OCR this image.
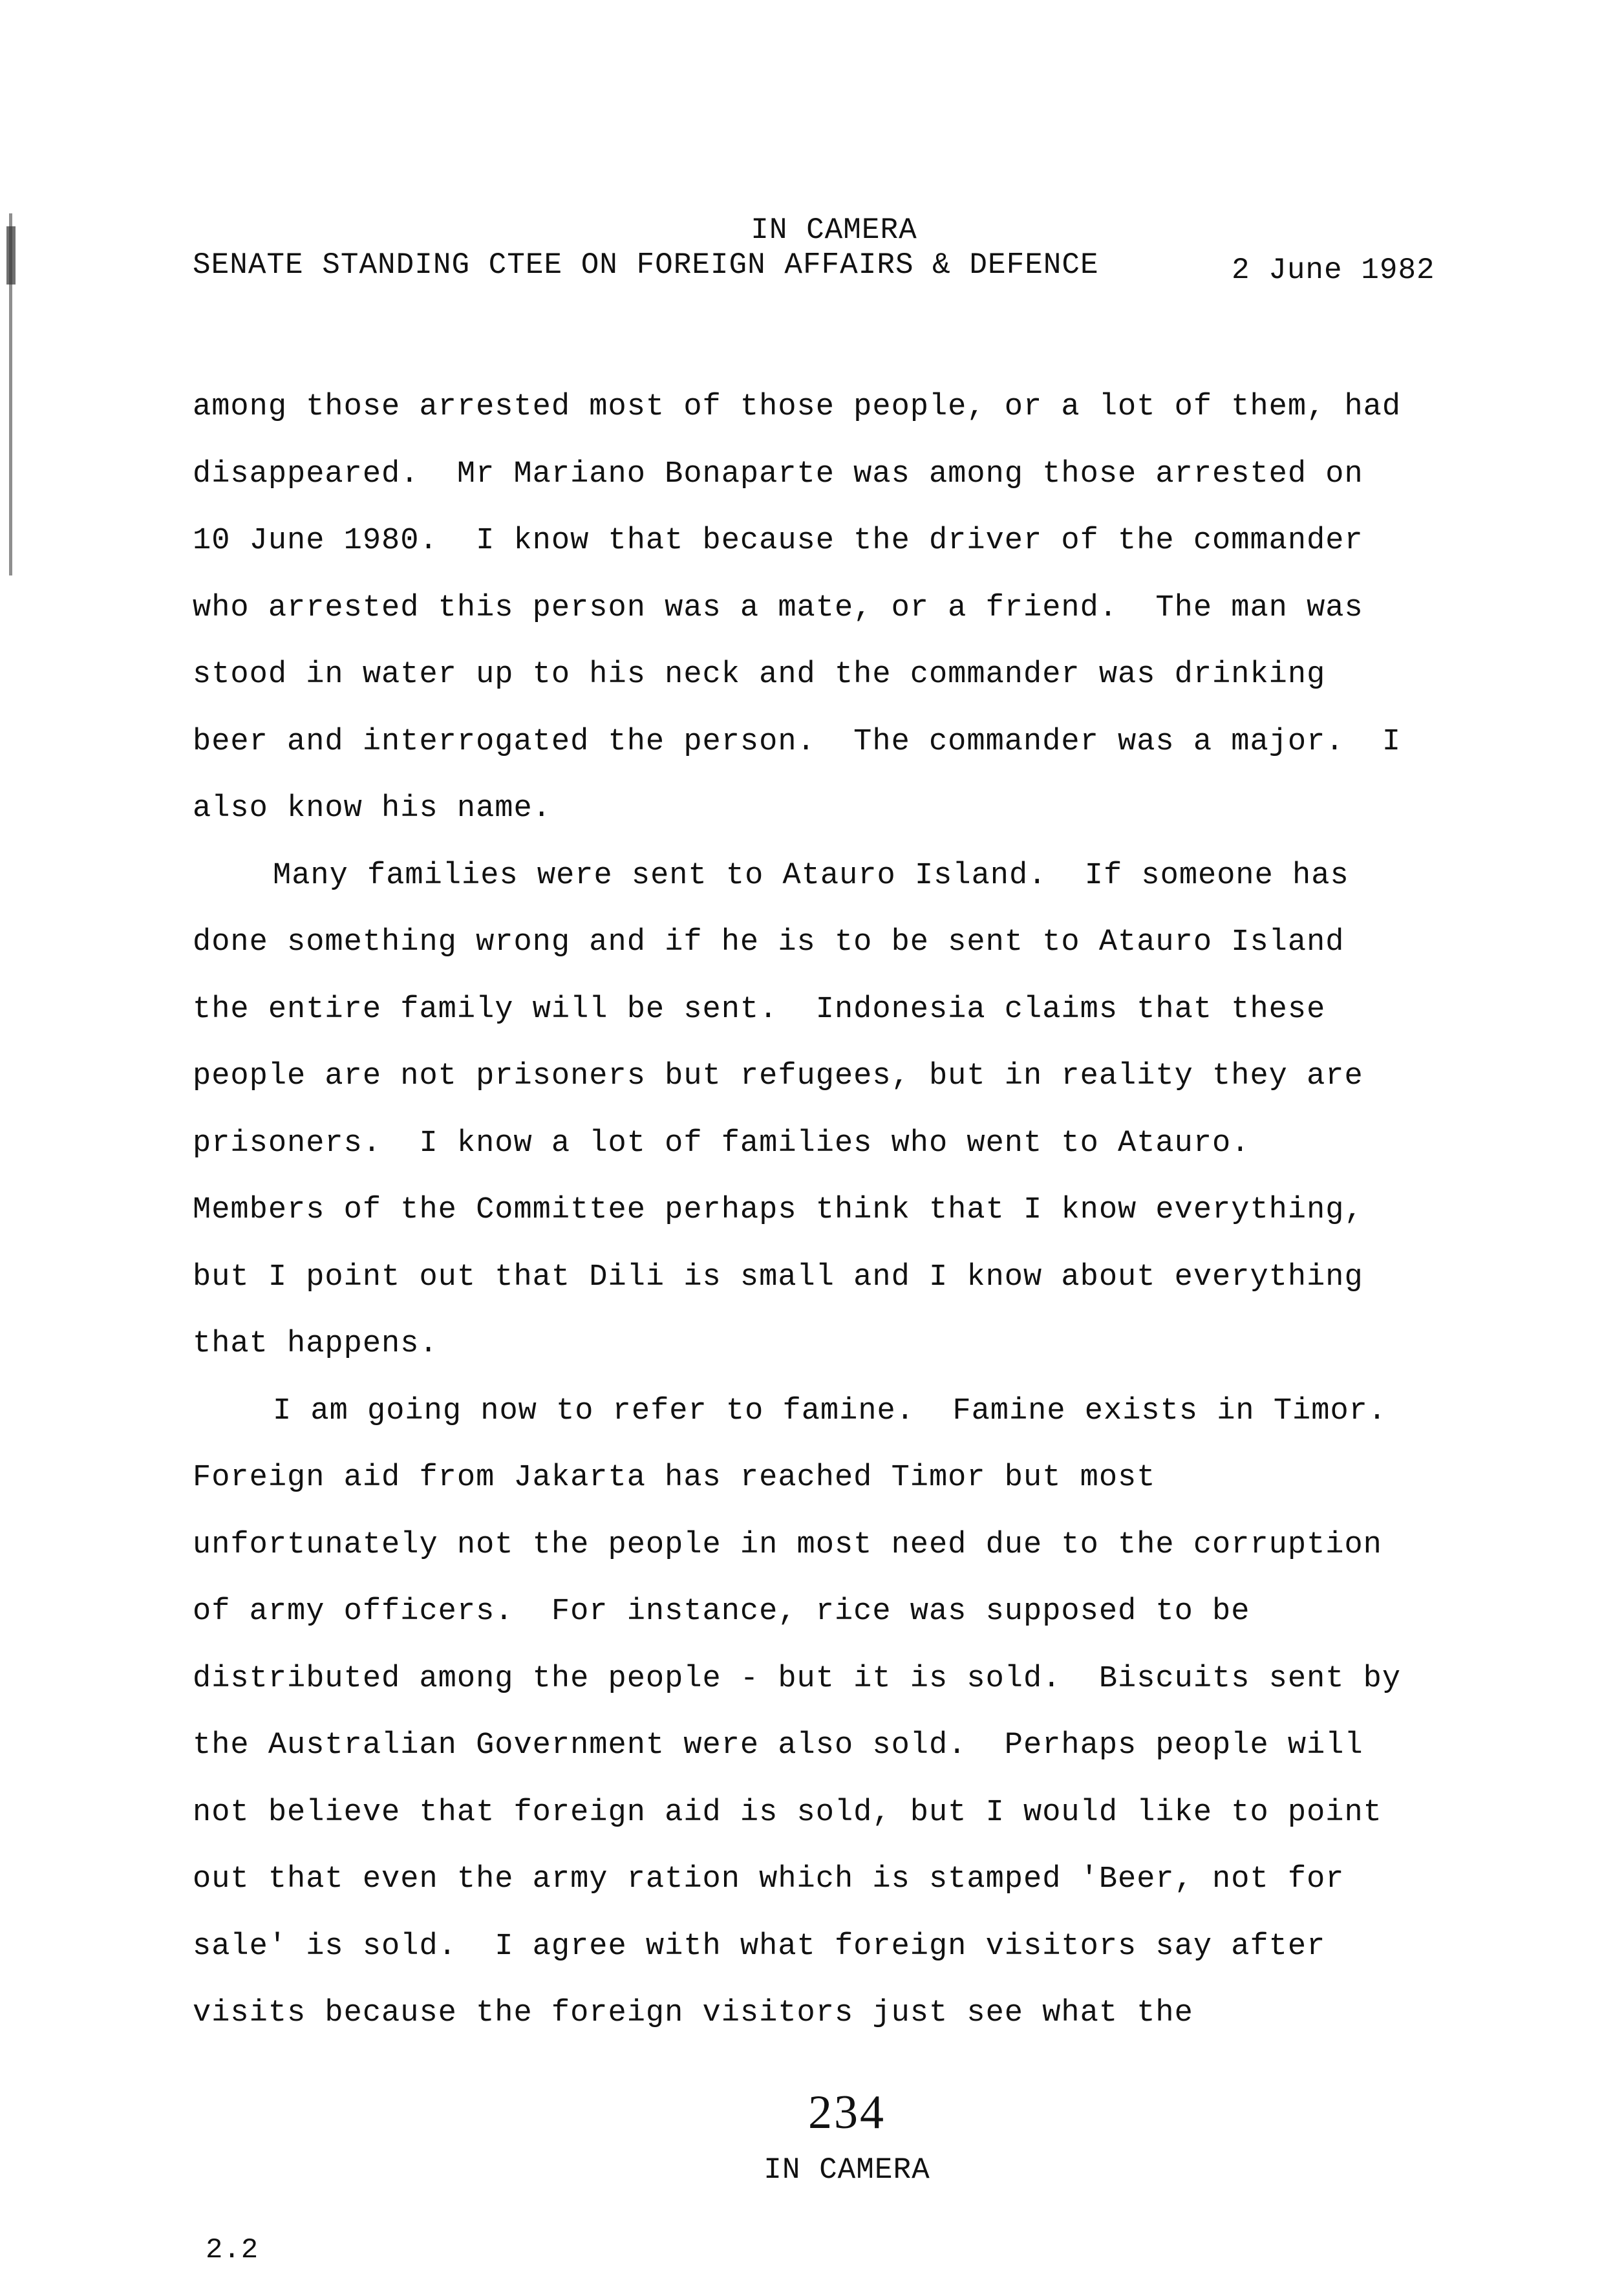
IN CAMERA
SENATE STANDING CTEE ON FOREIGN AFFAIRS & DEFENCE	2 June 1982
among those arrested most of those people, or a lot of them, had
disappeared.  Mr Mariano Bonaparte was among those arrested on
10 June 1980.  I know that because the driver of the commander
who arrested this person was a mate, or a friend.  The man was
stood in water up to his neck and the commander was drinking
beer and interrogated the person.  The commander was a major.  I
also know his name.
Many families were sent to Atauro Island.  If someone has
done something wrong and if he is to be sent to Atauro Island
the entire family will be sent.  Indonesia claims that these
people are not prisoners but refugees, but in reality they are
prisoners.  I know a lot of families who went to Atauro.
Members of the Committee perhaps think that I know everything,
but I point out that Dili is small and I know about everything
that happens.
I am going now to refer to famine.  Famine exists in Timor.
Foreign aid from Jakarta has reached Timor but most
unfortunately not the people in most need due to the corruption
of army officers.  For instance, rice was supposed to be
distributed among the people - but it is sold.  Biscuits sent by
the Australian Government were also sold.  Perhaps people will
not believe that foreign aid is sold, but I would like to point
out that even the army ration which is stamped 'Beer, not for
sale' is sold.  I agree with what foreign visitors say after
visits because the foreign visitors just see what the
234
IN CAMERA
2.2
